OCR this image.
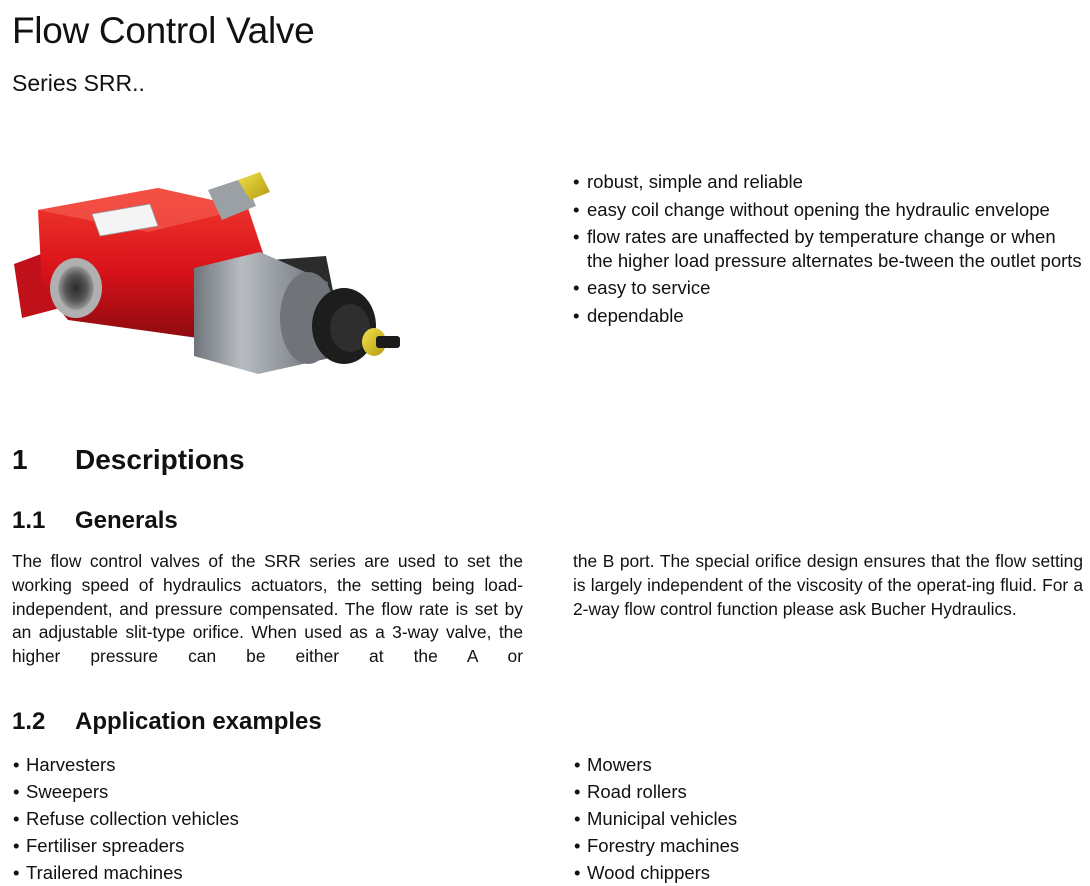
Flow Control Valve
Series SRR..
• robust, simple and reliable
• easy coil change without opening the hydraulic envelope
• flow rates are unaffected by temperature change or when the higher load pressure alternates be-tween the outlet ports
• easy to service
• dependable
1 Descriptions
1.1 Generals

The flow control valves of the SRR series are used to set the working speed of hydraulics actuators, the setting being load-independent, and pressure compensated. The flow rate is set by an adjustable slit-type orifice. When used as a 3-way valve, the higher pressure can be either at the A or

the B port. The special orifice design ensures that the flow setting is largely independent of the viscosity of the operat-ing fluid. For a 2-way flow control function please ask Bucher Hydraulics.

1.2 Application examples
• Harvesters
• Sweepers
• Refuse collection vehicles
• Fertiliser spreaders
• Trailered machines
• Mowers
• Road rollers
• Municipal vehicles
• Forestry machines
• Wood chippers
